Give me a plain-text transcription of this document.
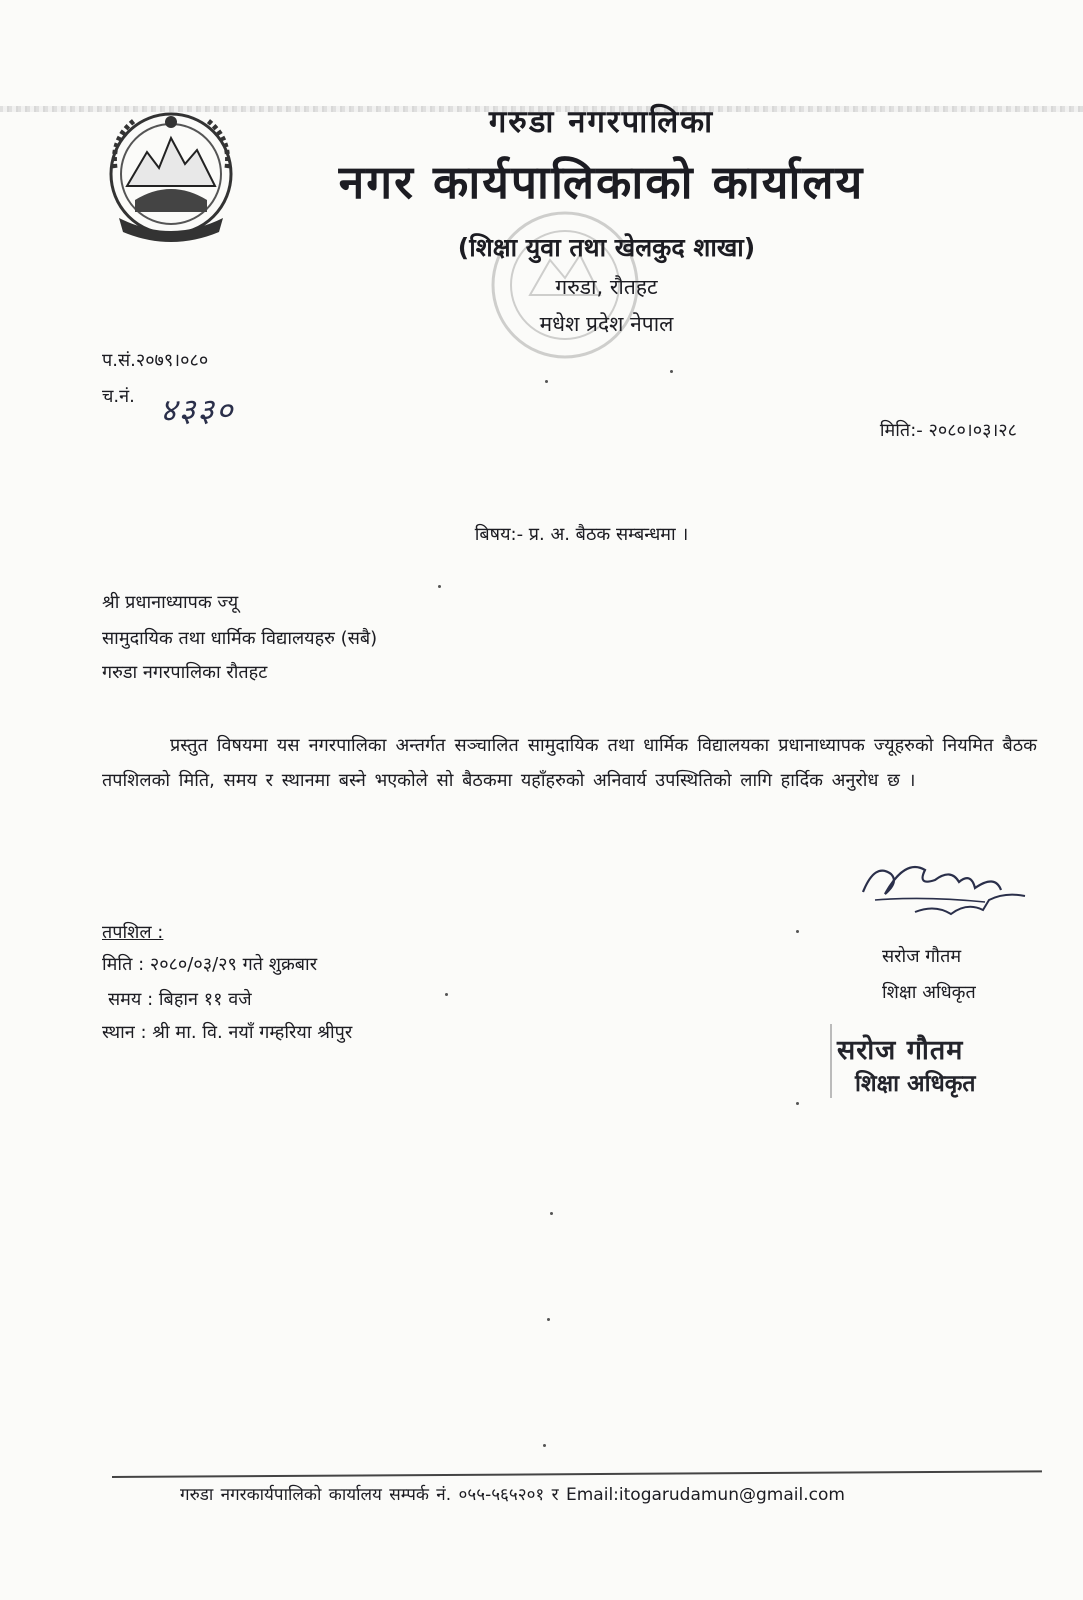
गरुडा नगरपालिका
नगर कार्यपालिकाको कार्यालय
(शिक्षा युवा तथा खेलकुद शाखा)
गरुडा, रौतहट
मधेश प्रदेश नेपाल
प.सं.२०७९।०८०
च.नं. ४३३०
मिति:- २०८०।०३।२८
बिषय:- प्र. अ. बैठक सम्बन्धमा ।
श्री प्रधानाध्यापक ज्यू
सामुदायिक तथा धार्मिक विद्यालयहरु (सबै)
गरुडा नगरपालिका रौतहट
प्रस्तुत विषयमा यस नगरपालिका अन्तर्गत सञ्चालित सामुदायिक तथा धार्मिक विद्यालयका प्रधानाध्यापक ज्यूहरुको नियमित बैठक तपशिलको मिति, समय र स्थानमा बस्ने भएकोले सो बैठकमा यहाँहरुको अनिवार्य उपस्थितिको लागि हार्दिक अनुरोध छ ।
सरोज गौतम
शिक्षा अधिकृत
सरोज गौतम
शिक्षा अधिकृत
तपशिल :
मिति : २०८०/०३/२९ गते शुक्रबार
समय : बिहान ११ वजे
स्थान : श्री मा. वि. नयाँ गम्हरिया श्रीपुर
गरुडा नगरकार्यपालिको कार्यालय सम्पर्क नं. ०५५-५६५२०१ र Email:itogarudamun@gmail.com
